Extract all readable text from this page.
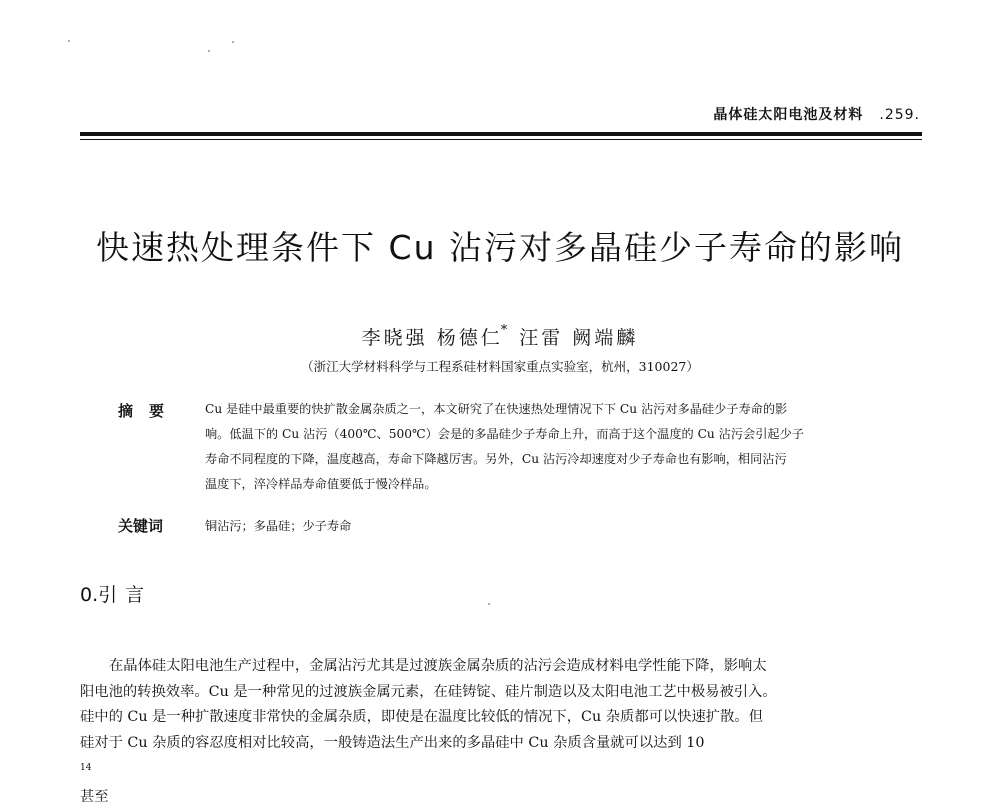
晶体硅太阳电池及材料 .259.
快速热处理条件下 Cu 沾污对多晶硅少子寿命的影响
李晓强 杨德仁* 汪雷 阙端麟
（浙江大学材料科学与工程系硅材料国家重点实验室，杭州，310027）
摘要 Cu 是硅中最重要的快扩散金属杂质之一，本文研究了在快速热处理情况下下 Cu 沾污对多晶硅少子寿命的影
响。低温下的 Cu 沾污（400℃、500℃）会是的多晶硅少子寿命上升，而高于这个温度的 Cu 沾污会引起少子
寿命不同程度的下降，温度越高，寿命下降越厉害。另外，Cu 沾污冷却速度对少子寿命也有影响，相同沾污
温度下，淬冷样品寿命值要低于慢冷样品。
关键词	铜沾污；多晶硅；少子寿命
0.引 言
在晶体硅太阳电池生产过程中，金属沾污尤其是过渡族金属杂质的沾污会造成材料电学性能下降，影响太
阳电池的转换效率。Cu 是一种常见的过渡族金属元素，在硅铸锭、硅片制造以及太阳电池工艺中极易被引入。
硅中的 Cu 是一种扩散速度非常快的金属杂质，即使是在温度比较低的情况下，Cu 杂质都可以快速扩散。但
硅对于 Cu 杂质的容忍度相对比较高，一般铸造法生产出来的多晶硅中 Cu 杂质含量就可以达到 10
$^{14}$
甚至
